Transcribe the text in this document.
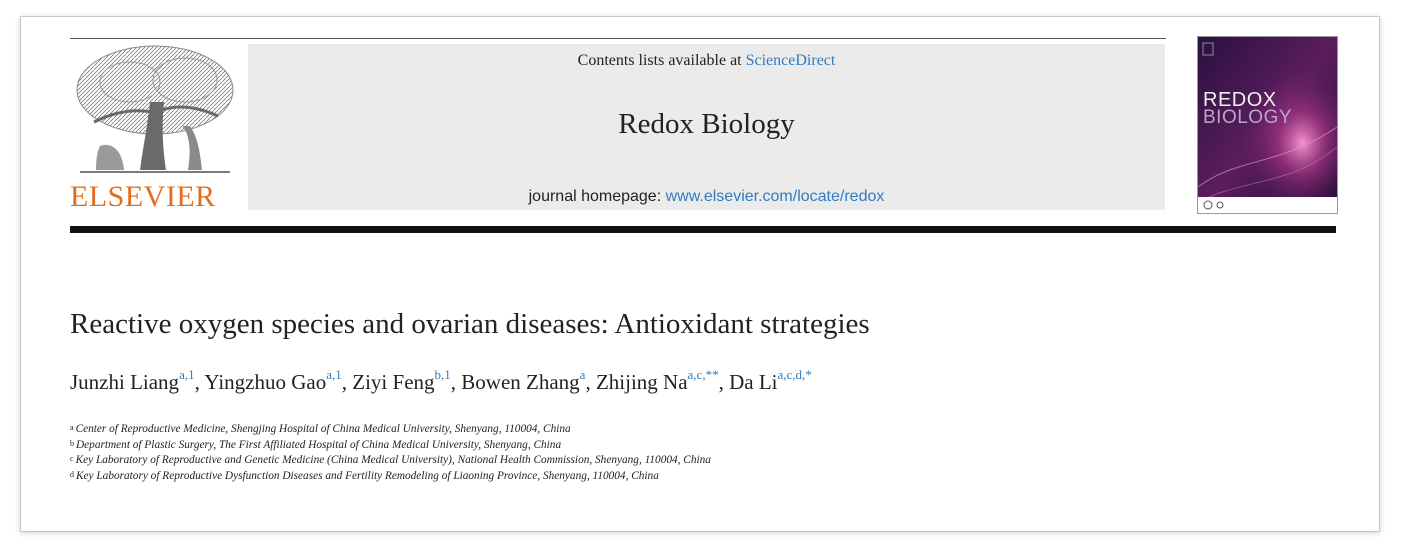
ELSEVIER
Contents lists available at ScienceDirect
Redox Biology
journal homepage: www.elsevier.com/locate/redox
REDOX
BIOLOGY
Reactive oxygen species and ovarian diseases: Antioxidant strategies
Junzhi Liang$^{a,1}$, Yingzhuo Gao$^{a,1}$, Ziyi Feng$^{b,1}$, Bowen Zhang$^a$, Zhijing $Na^{a,c,**}$, Da $Li^{a,c,d,*}$
$^a$ Center of Reproductive Medicine, Shengjing Hospital of China Medical University, Shenyang, 110004, China
$^b$ Department of Plastic Surgery, The First Affiliated Hospital of China Medical University, Shenyang, China
$^c$ Key Laboratory of Reproductive and Genetic Medicine (China Medical University), National Health Commission, Shenyang, 110004, China
$^d$ Key Laboratory of Reproductive Dysfunction Diseases and Fertility Remodeling of Liaoning Province, Shenyang, 110004, China
